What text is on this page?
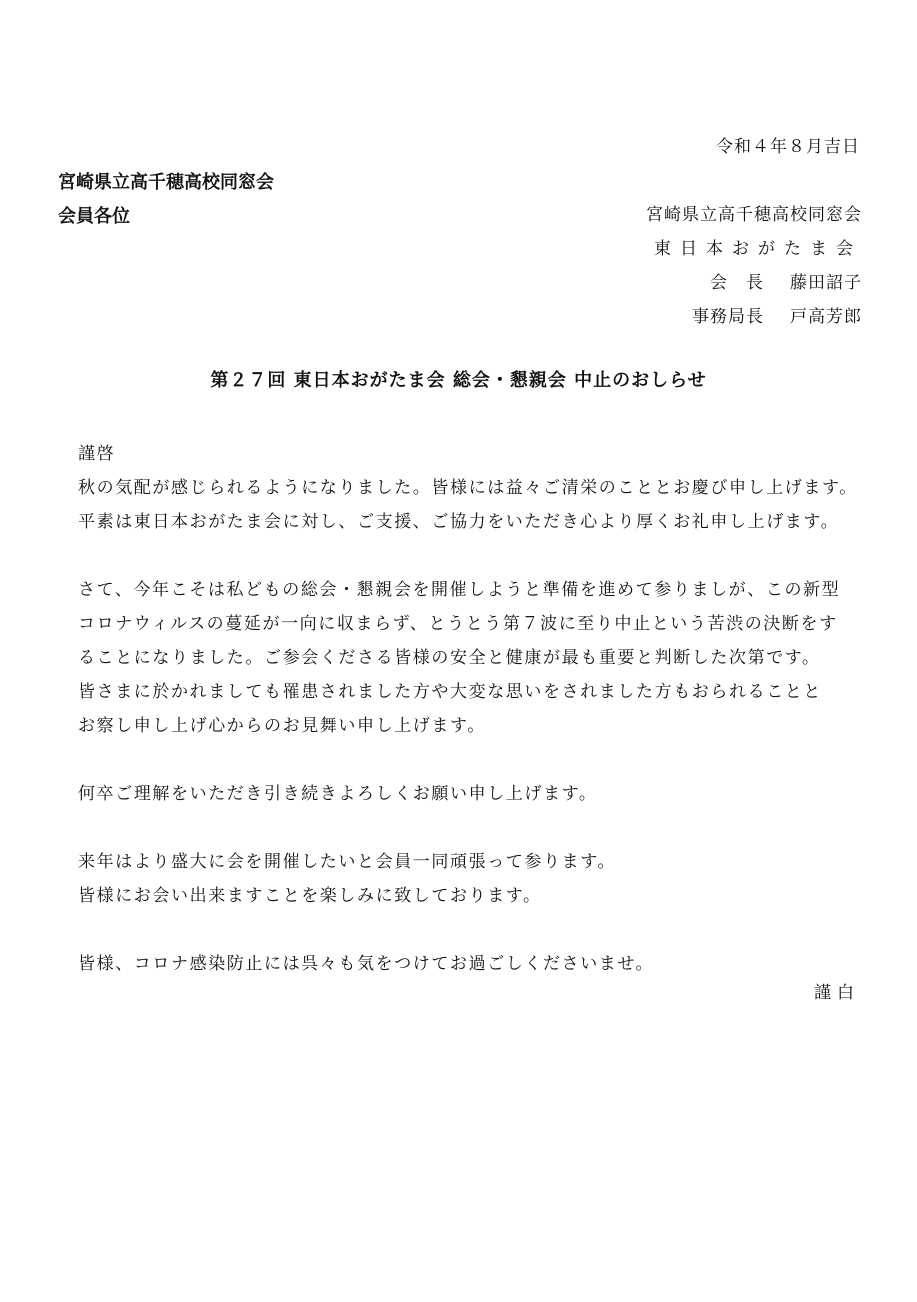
令和４年８月吉日
宮崎県立高千穂高校同窓会
会員各位	宮崎県立高千穂高校同窓会
東日本おがたま会
会　長 藤田詔子
事務局長 戸高芳郎
第２７回 東日本おがたま会 総会・懇親会 中止のおしらせ

謹啓

秋の気配が感じられるようになりました。皆様には益々ご清栄のこととお慶び申し上げます。

平素は東日本おがたま会に対し、ご支援、ご協力をいただき心より厚くお礼申し上げます。

さて、今年こそは私どもの総会・懇親会を開催しようと準備を進めて参りましが、この新型

コロナウィルスの蔓延が一向に収まらず、とうとう第７波に至り中止という苦渋の決断をす

ることになりました。ご参会くださる皆様の安全と健康が最も重要と判断した次第です。

皆さまに於かれましても罹患されました方や大変な思いをされました方もおられることと

お察し申し上げ心からのお見舞い申し上げます。

何卒ご理解をいただき引き続きよろしくお願い申し上げます。

来年はより盛大に会を開催したいと会員一同頑張って参ります。

皆様にお会い出来ますことを楽しみに致しております。

皆様、コロナ感染防止には呉々も気をつけてお過ごしくださいませ。

謹白
